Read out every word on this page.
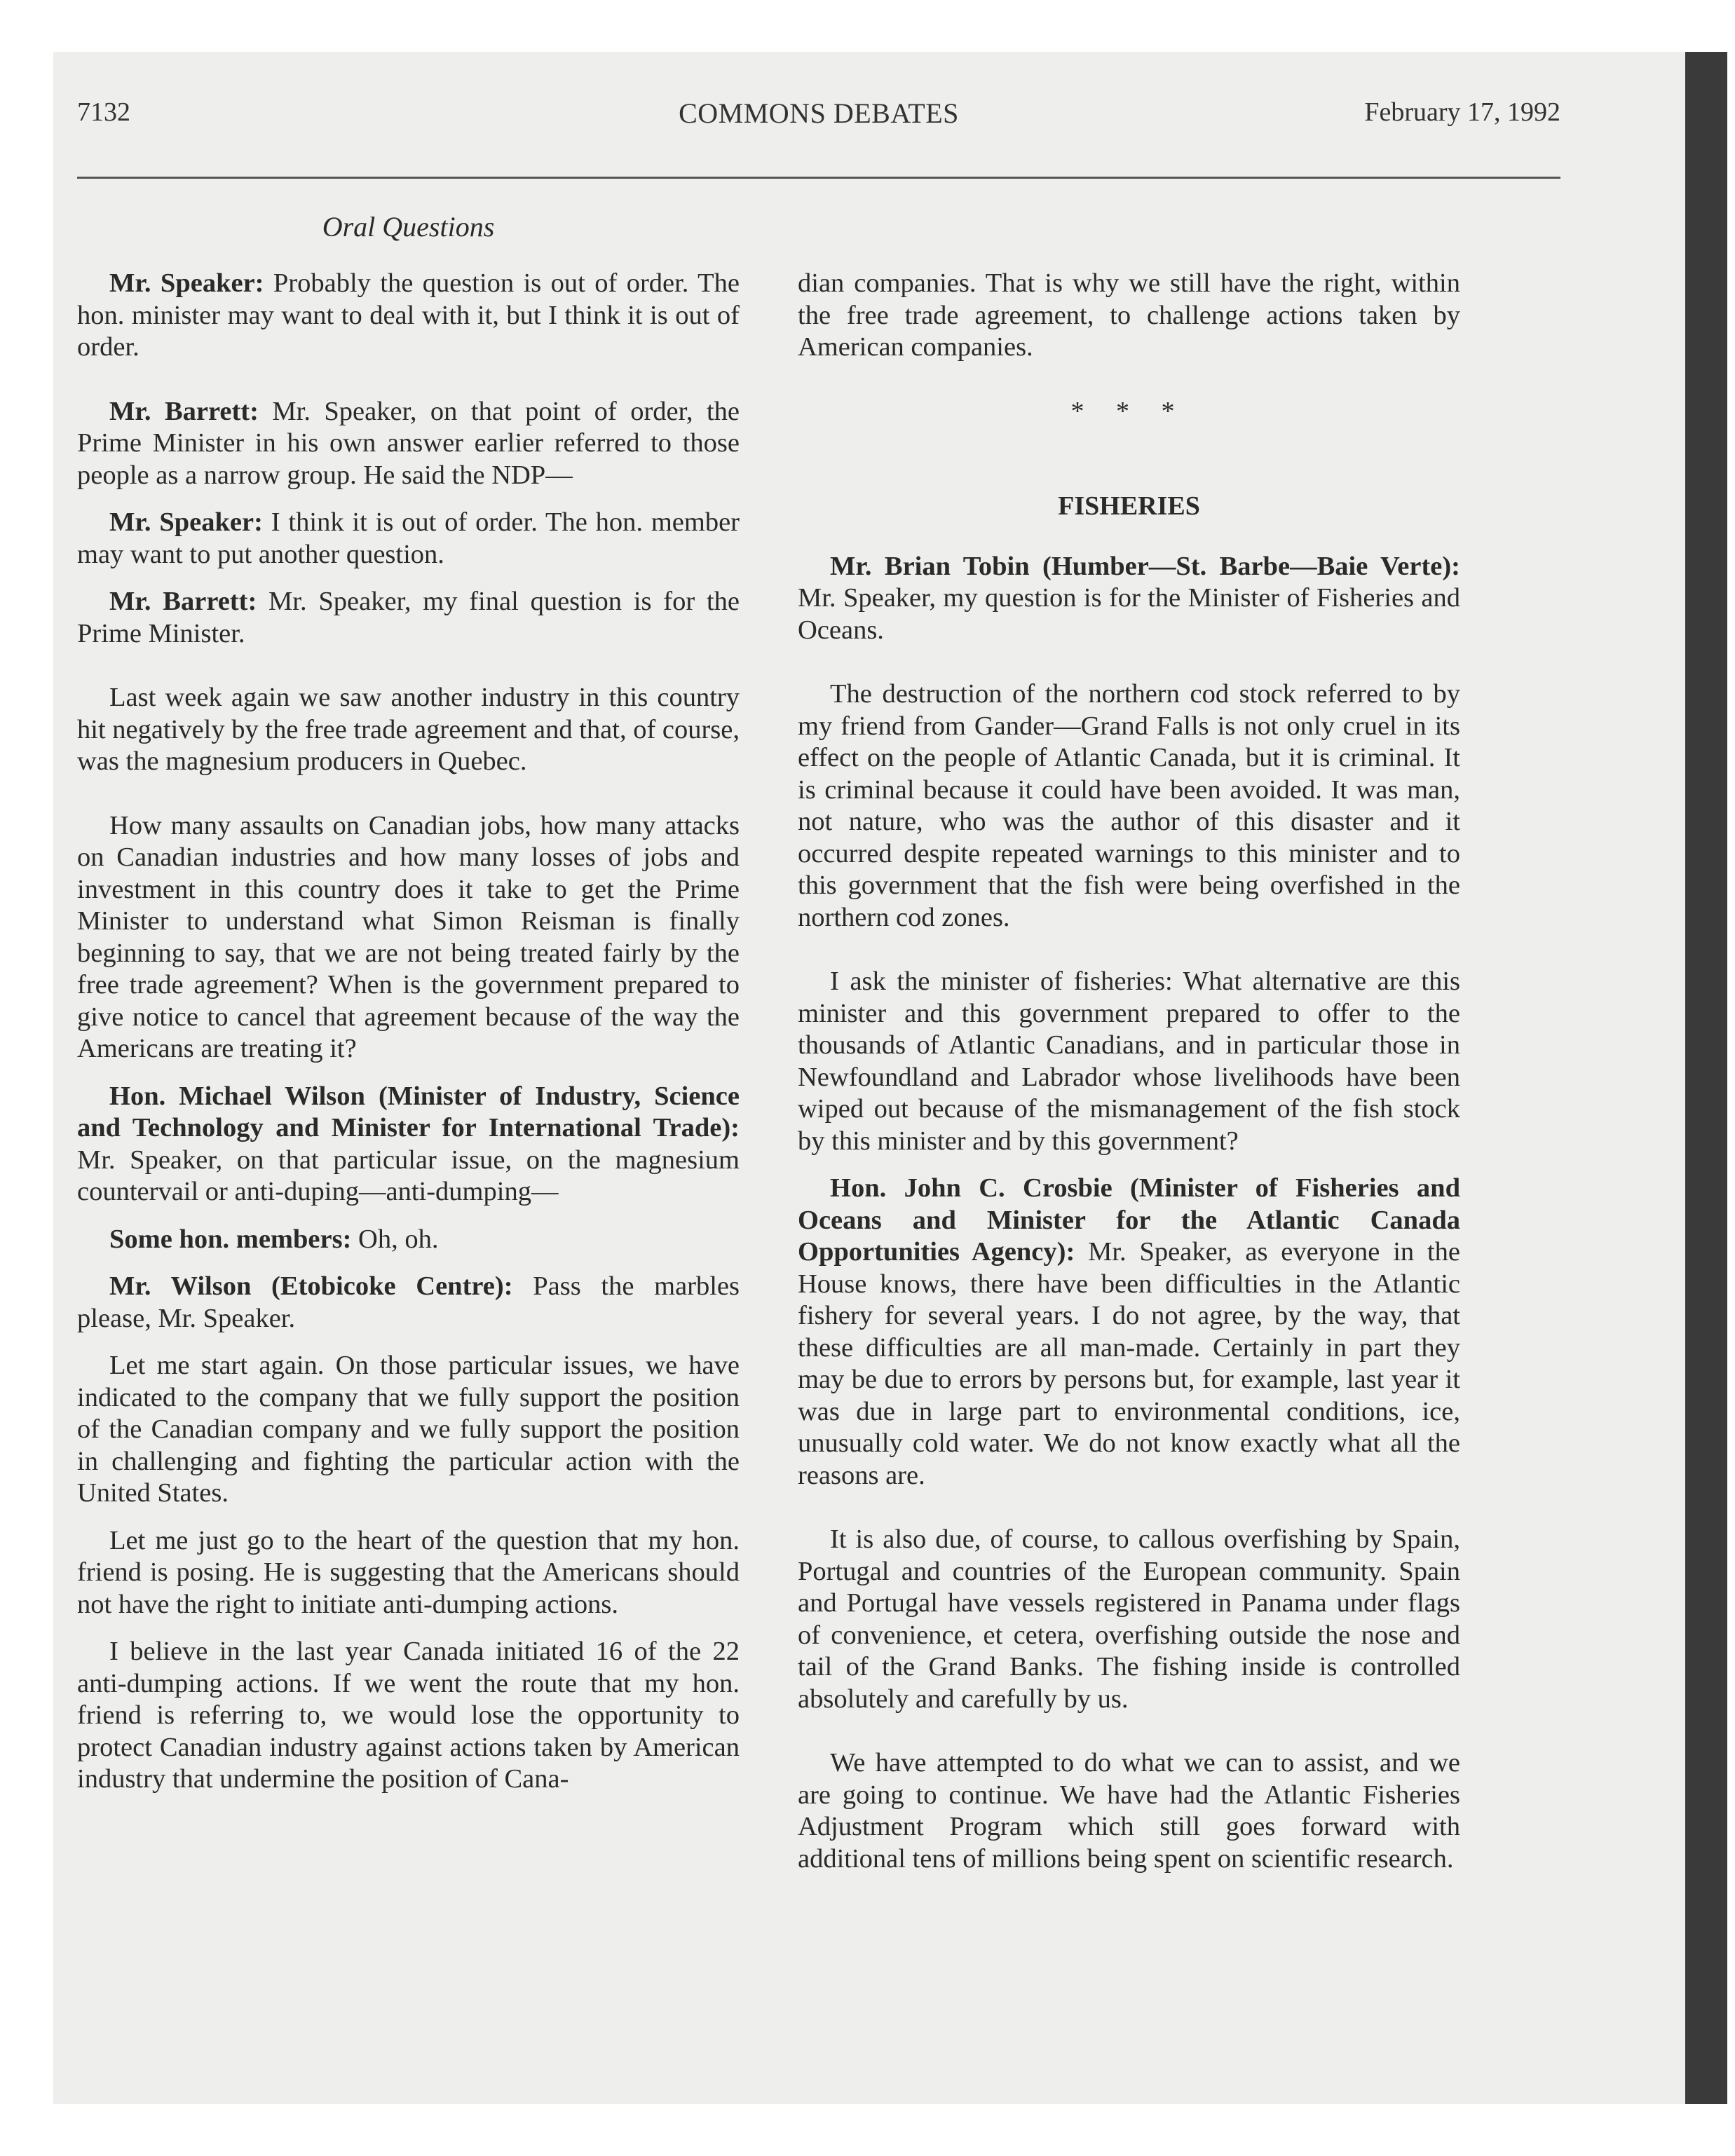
7132	COMMONS DEBATES	February 17, 1992
Oral Questions

Mr. Speaker: Probably the question is out of order. The hon. minister may want to deal with it, but I think it is out of order.

Mr. Barrett: Mr. Speaker, on that point of order, the Prime Minister in his own answer earlier referred to those people as a narrow group. He said the NDP—

Mr. Speaker: I think it is out of order. The hon. member may want to put another question.

Mr. Barrett: Mr. Speaker, my final question is for the Prime Minister.

Last week again we saw another industry in this country hit negatively by the free trade agreement and that, of course, was the magnesium producers in Quebec.

How many assaults on Canadian jobs, how many attacks on Canadian industries and how many losses of jobs and investment in this country does it take to get the Prime Minister to understand what Simon Reisman is finally beginning to say, that we are not being treated fairly by the free trade agreement? When is the government prepared to give notice to cancel that agreement because of the way the Americans are treating it?

Hon. Michael Wilson (Minister of Industry, Science and Technology and Minister for International Trade): Mr. Speaker, on that particular issue, on the magnesium countervail or anti-duping—anti-dumping—

Some hon. members: Oh, oh.

Mr. Wilson (Etobicoke Centre): Pass the marbles please, Mr. Speaker.

Let me start again. On those particular issues, we have indicated to the company that we fully support the position of the Canadian company and we fully support the position in challenging and fighting the particular action with the United States.

Let me just go to the heart of the question that my hon. friend is posing. He is suggesting that the Americans should not have the right to initiate anti-dumping actions.

I believe in the last year Canada initiated 16 of the 22 anti-dumping actions. If we went the route that my hon. friend is referring to, we would lose the opportunity to protect Canadian industry against actions taken by American industry that undermine the position of Cana-

dian companies. That is why we still have the right, within the free trade agreement, to challenge actions taken by American companies.

* * *
FISHERIES

Mr. Brian Tobin (Humber—St. Barbe—Baie Verte): Mr. Speaker, my question is for the Minister of Fisheries and Oceans.

The destruction of the northern cod stock referred to by my friend from Gander—Grand Falls is not only cruel in its effect on the people of Atlantic Canada, but it is criminal. It is criminal because it could have been avoided. It was man, not nature, who was the author of this disaster and it occurred despite repeated warnings to this minister and to this government that the fish were being overfished in the northern cod zones.

I ask the minister of fisheries: What alternative are this minister and this government prepared to offer to the thousands of Atlantic Canadians, and in particular those in Newfoundland and Labrador whose livelihoods have been wiped out because of the mismanagement of the fish stock by this minister and by this government?

Hon. John C. Crosbie (Minister of Fisheries and Oceans and Minister for the Atlantic Canada Opportunities Agency): Mr. Speaker, as everyone in the House knows, there have been difficulties in the Atlantic fishery for several years. I do not agree, by the way, that these difficulties are all man-made. Certainly in part they may be due to errors by persons but, for example, last year it was due in large part to environmental conditions, ice, unusually cold water. We do not know exactly what all the reasons are.

It is also due, of course, to callous overfishing by Spain, Portugal and countries of the European community. Spain and Portugal have vessels registered in Panama under flags of convenience, et cetera, overfishing outside the nose and tail of the Grand Banks. The fishing inside is controlled absolutely and carefully by us.

We have attempted to do what we can to assist, and we are going to continue. We have had the Atlantic Fisheries Adjustment Program which still goes forward with additional tens of millions being spent on scientific research.
